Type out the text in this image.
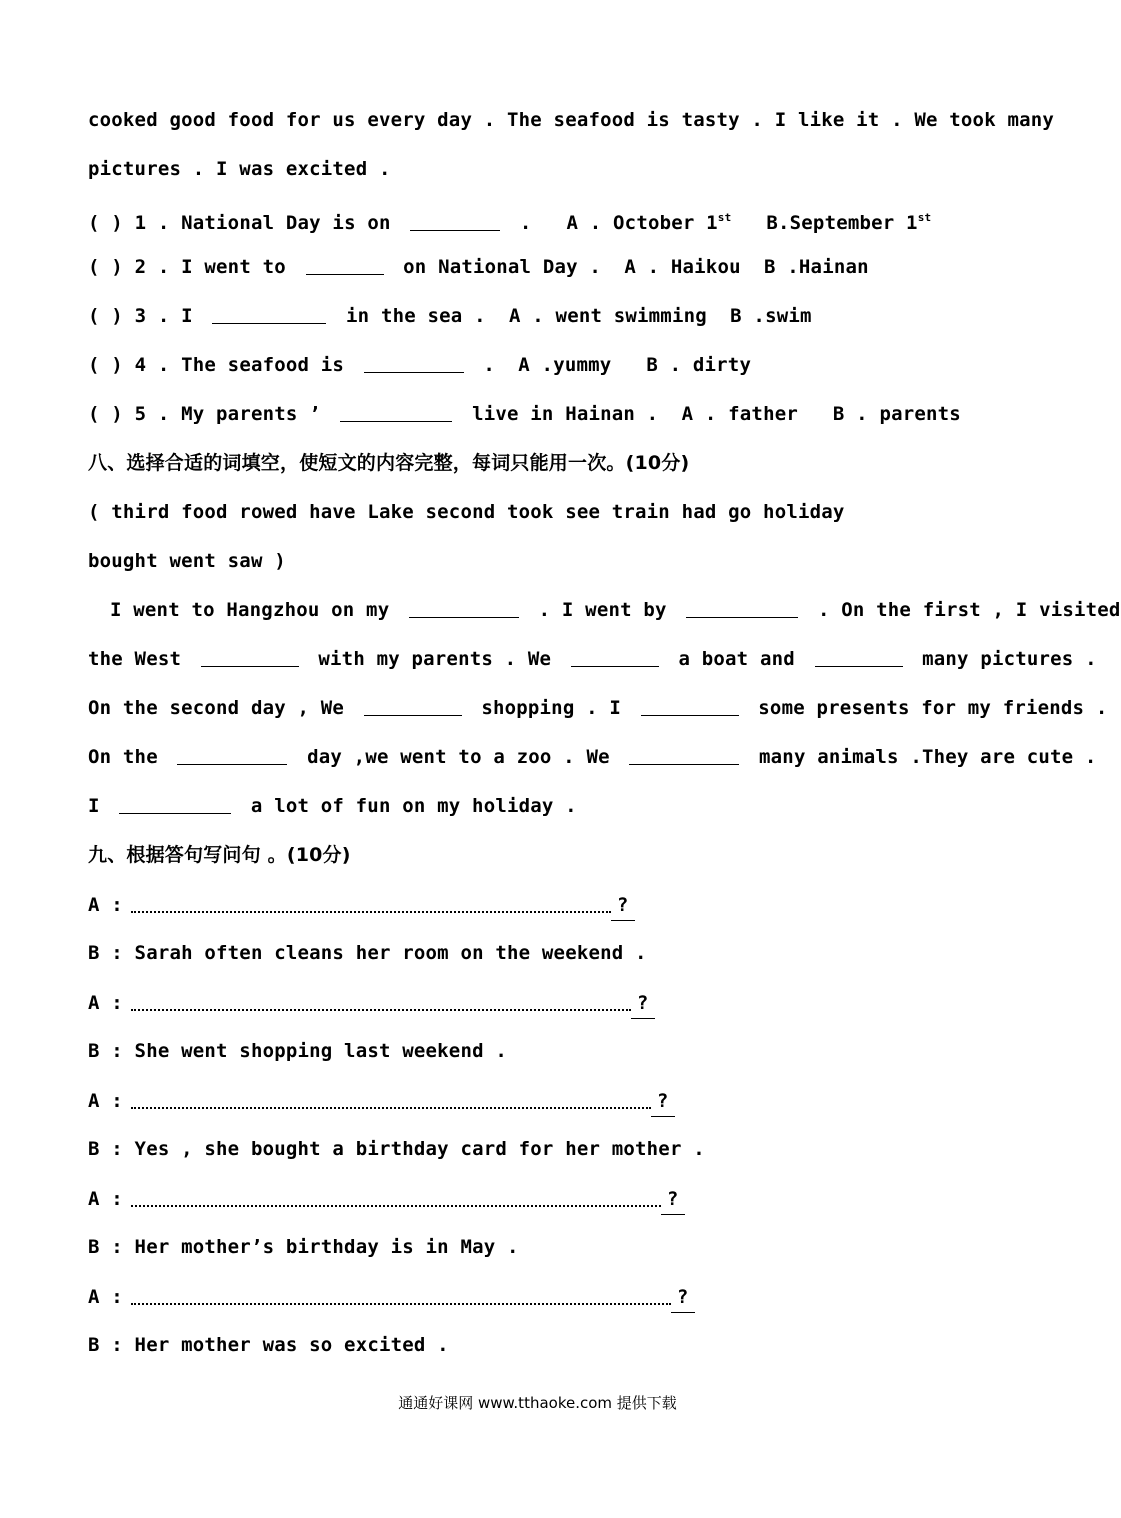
cooked good food for us every day . The seafood is tasty . I like it . We took many
pictures . I was excited .
( ) 1 . National Day is on	. A . October 1st B.September 1st
( ) 2 . I went to	on National Day . A . Haikou B .Hainan
( ) 3 . I	in the sea . A . went swimming B .swim
( ) 4 . The seafood is	. A .yummy B . dirty
( ) 5 . My parents ’	live in Hainan . A . father B . parents
八、选择合适的词填空，使短文的内容完整，每词只能用一次。(10分)
( third food rowed have Lake second took see train had go holiday
bought went saw )
I went to Hangzhou on my	. I went by	. On the first , I visited
the West	with my parents . We	a boat and	many pictures .
On the second day , We	shopping . I	some presents for my friends .
On the	day ,we went to a zoo . We	many animals .They are cute .
I	a lot of fun on my holiday .
九、根据答句写问句 。(10分)
A :	?
B : Sarah often cleans her room on the weekend .
A :	?
B : She went shopping last weekend .
A :	?
B : Yes , she bought a birthday card for her mother .
A :	?
B : Her mother’s birthday is in May .
A :	?
B : Her mother was so excited .
通通好课网 www.tthaoke.com 提供下载
